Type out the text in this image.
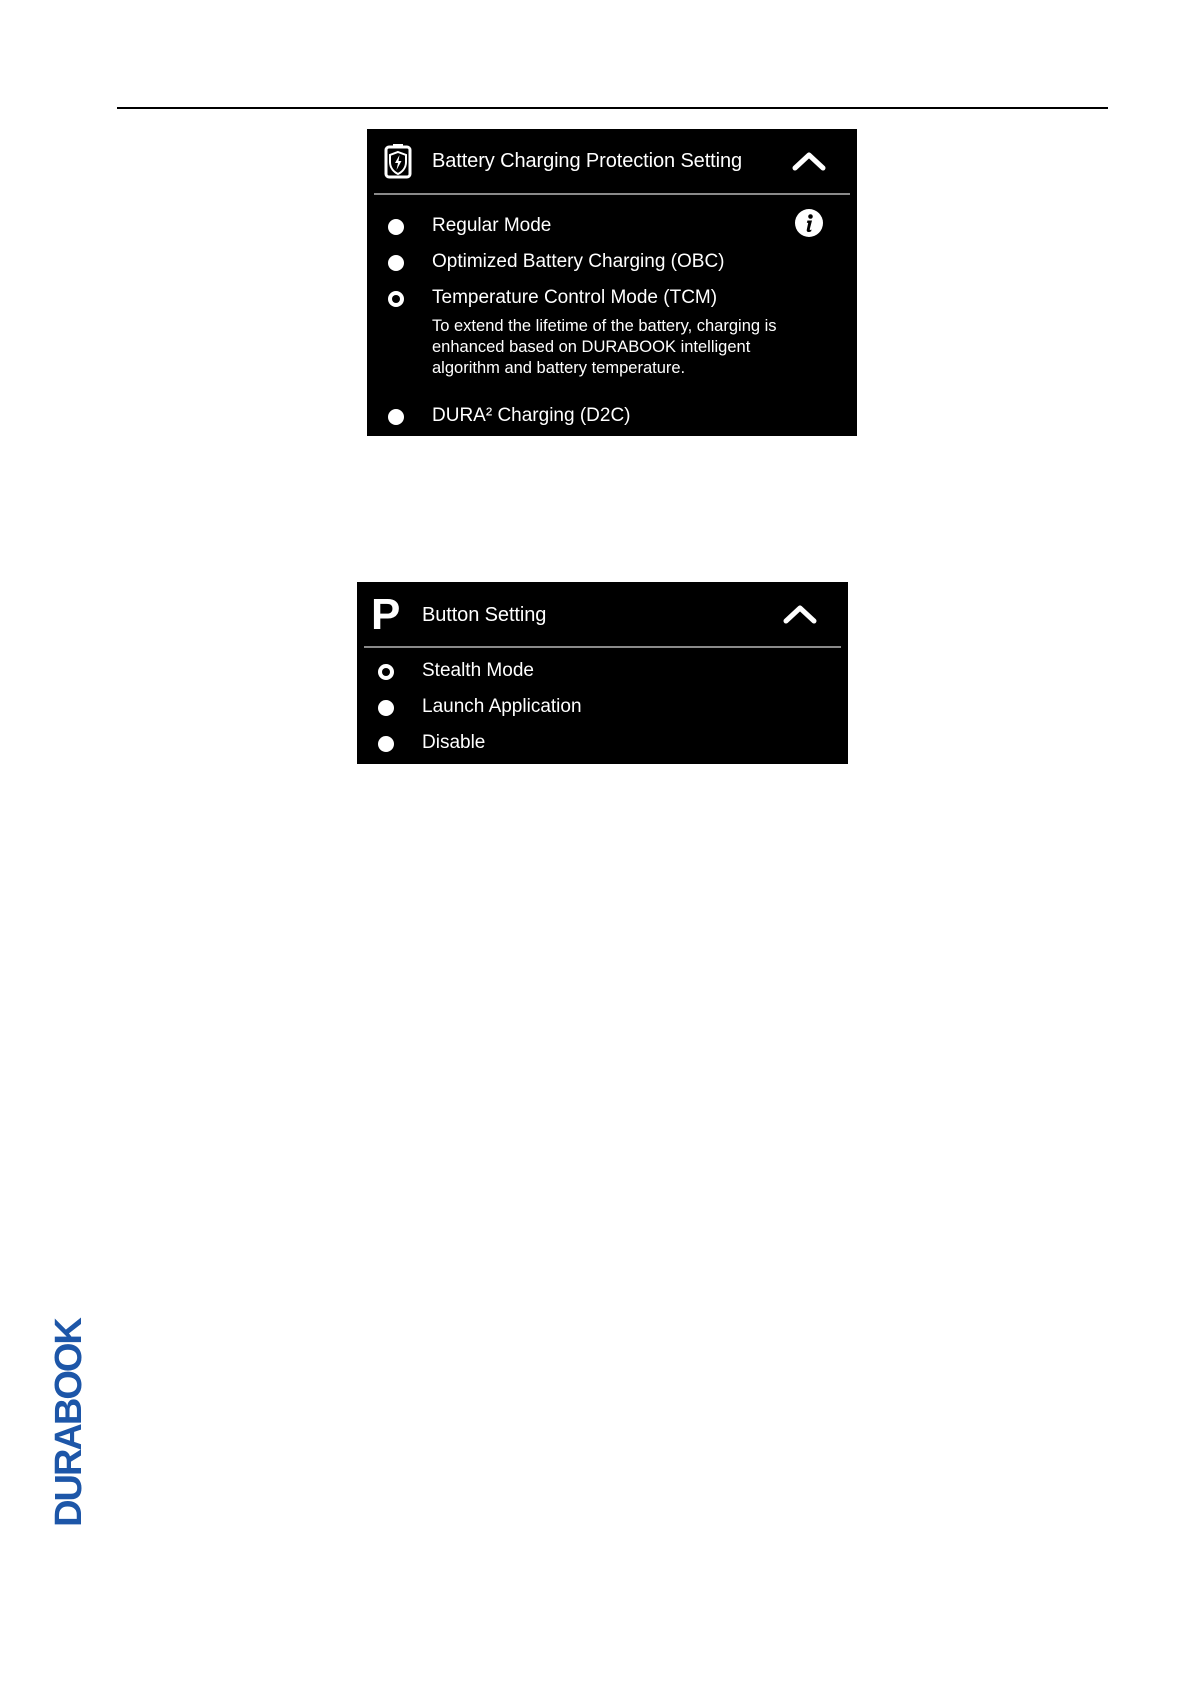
Battery Charging Protection Setting
Regular Mode
Optimized Battery Charging (OBC)
Temperature Control Mode (TCM)
To extend the lifetime of the battery, charging is enhanced based on DURABOOK intelligent algorithm and battery temperature.
DURA² Charging (D2C)
P Button Setting
Stealth Mode
Launch Application
Disable
DURABOOK
